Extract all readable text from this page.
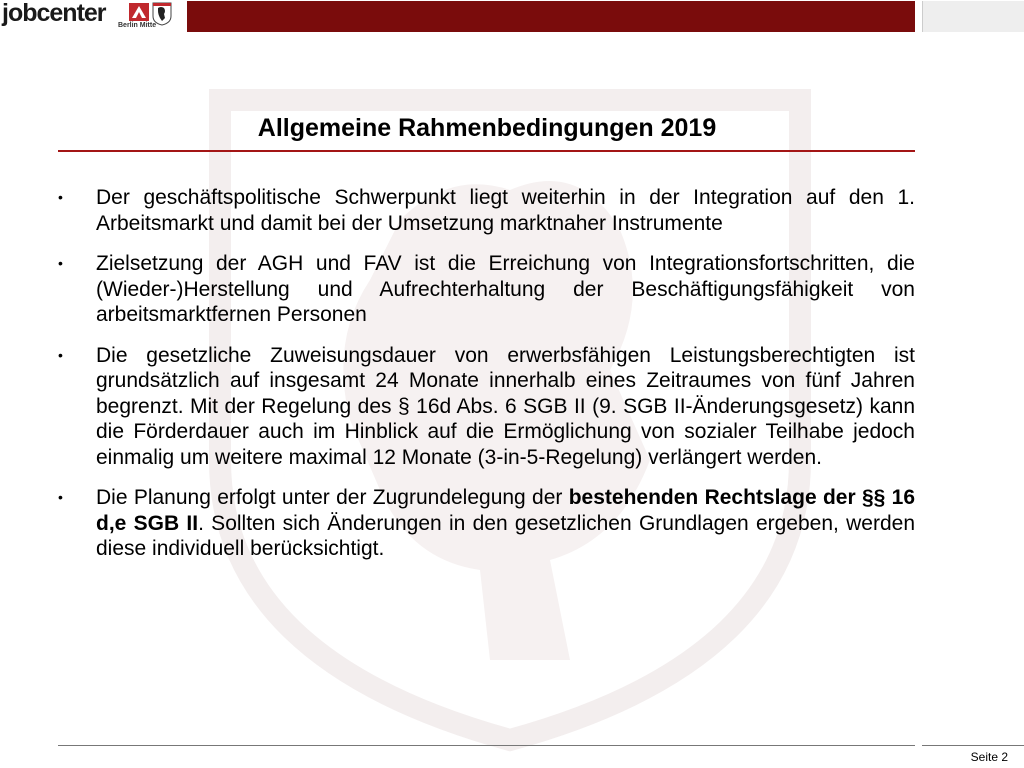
jobcenter Berlin Mitte
Allgemeine Rahmenbedingungen 2019
• Der geschäftspolitische Schwerpunkt liegt weiterhin in der Integration auf den 1. Arbeitsmarkt und damit bei der Umsetzung marktnaher Instrumente
• Zielsetzung der AGH und FAV ist die Erreichung von Integrationsfortschritten, die (Wieder-)Herstellung und Aufrechterhaltung der Beschäftigungsfähigkeit von arbeitsmarktfernen Personen
• Die gesetzliche Zuweisungsdauer von erwerbsfähigen Leistungsberechtigten ist grundsätzlich auf insgesamt 24 Monate innerhalb eines Zeitraumes von fünf Jahren begrenzt. Mit der Regelung des § 16d Abs. 6 SGB II (9. SGB II-Änderungsgesetz) kann die Förderdauer auch im Hinblick auf die Ermöglichung von sozialer Teilhabe jedoch einmalig um weitere maximal 12 Monate (3-in-5-Regelung) verlängert werden.
• Die Planung erfolgt unter der Zugrundelegung der bestehenden Rechtslage der §§ 16 d,e SGB II. Sollten sich Änderungen in den gesetzlichen Grundlagen ergeben, werden diese individuell berücksichtigt.
Seite 2
